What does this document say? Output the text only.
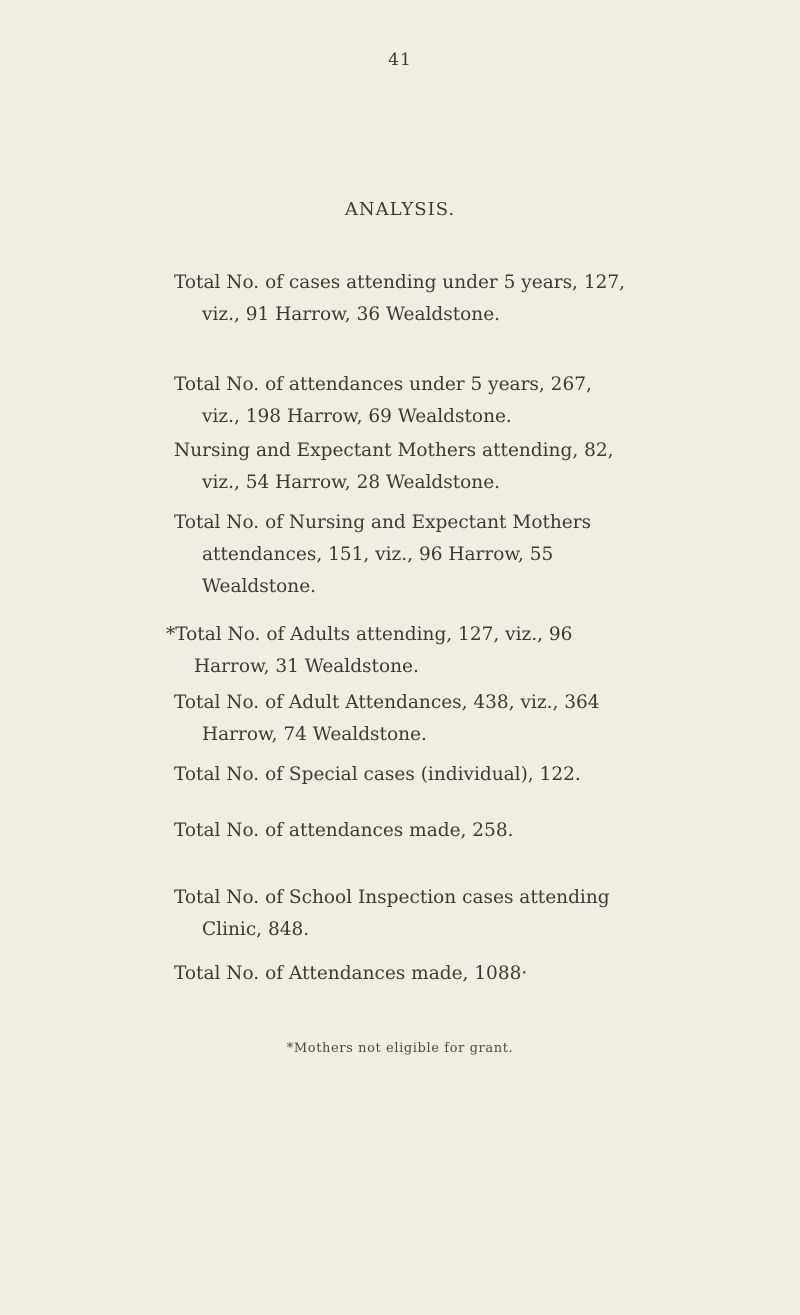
41
ANALYSIS.
Total No. of cases attending under 5 years, 127, viz., 91 Harrow, 36 Wealdstone.
Total No. of attendances under 5 years, 267, viz., 198 Harrow, 69 Wealdstone.
Nursing and Expectant Mothers attending, 82, viz., 54 Harrow, 28 Wealdstone.
Total No. of Nursing and Expectant Mothers attendances, 151, viz., 96 Harrow, 55 Wealdstone.
*Total No. of Adults attending, 127, viz., 96 Harrow, 31 Wealdstone.
Total No. of Adult Attendances, 438, viz., 364 Harrow, 74 Wealdstone.
Total No. of Special cases (individual), 122.
Total No. of attendances made, 258.
Total No. of School Inspection cases attending Clinic, 848.
Total No. of Attendances made, 1088·
*Mothers not eligible for grant.
